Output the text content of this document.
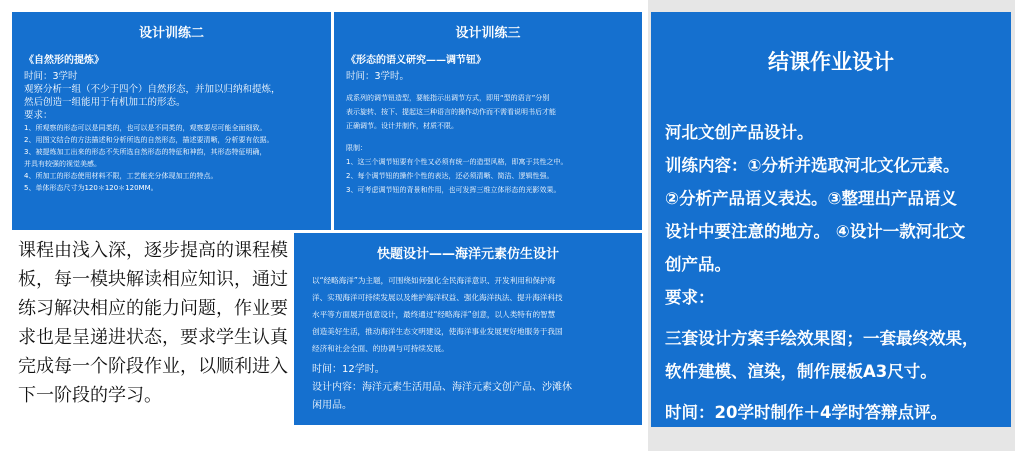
设计训练二
《自然形的提炼》
时间：3学时
观察分析一组（不少于四个）自然形态，并加以归纳和提炼，
然后创造一组能用于有机加工的形态。
要求：
1、所观察的形态可以是同类的，也可以是不同类的，观察要尽可能全面细致。
2、用图文结合的方法描述和分析所选的自然形态，描述要清晰，分析要有依据。
3、被提炼加工出来的形态不失所选自然形态的特征和神韵，其形态特征明确，
并具有较强的视觉美感。
4、所加工的形态使用材料不限，工艺能充分体现加工的特点。
5、单体形态尺寸为120＊120＊120MM。
设计训练三
《形态的语义研究——调节钮》
时间：3学时。
成系列的调节钮造型，要能指示出调节方式，即用“型的语言”分别
表示旋转、按下、提起这三种语言的操作动作而不需看说明书后才能
正确调节。设计并制作，材质不限。
限制：
1、这三个调节钮要有个性又必须有统一的造型风格，即寓于共性之中。
2、每个调节钮的操作个性的表达，还必须清晰、简洁、逻辑性强。
3、可考虑调节钮的背景和作用，也可发挥三维立体形态的光影效果。
课程由浅入深，逐步提高的课程模板，每一模块解读相应知识，通过练习解决相应的能力问题，作业要求也是呈递进状态，要求学生认真完成每一个阶段作业，以顺利进入下一阶段的学习。
快题设计——海洋元素仿生设计
以“经略海洋”为主题，可围绕如何强化全民海洋意识、开发利用和保护海
洋、实现海洋可持续发展以及维护海洋权益、强化海洋执法、提升海洋科技
水平等方面展开创意设计，最终通过“经略海洋”创意，以人类特有的智慧
创造美好生活，推动海洋生态文明建设，使海洋事业发展更好地服务于我国
经济和社会全面、的协调与可持续发展。
时间：12学时。
设计内容：海洋元素生活用品、海洋元素文创产品、沙滩休
闲用品。
结课作业设计
河北文创产品设计。
训练内容：①分析并选取河北文化元素。
②分析产品语义表达。③整理出产品语义
设计中要注意的地方。 ④设计一款河北文
创产品。
要求：
三套设计方案手绘效果图；一套最终效果，
软件建模、渲染，制作展板A3尺寸。
时间：20学时制作＋4学时答辩点评。
